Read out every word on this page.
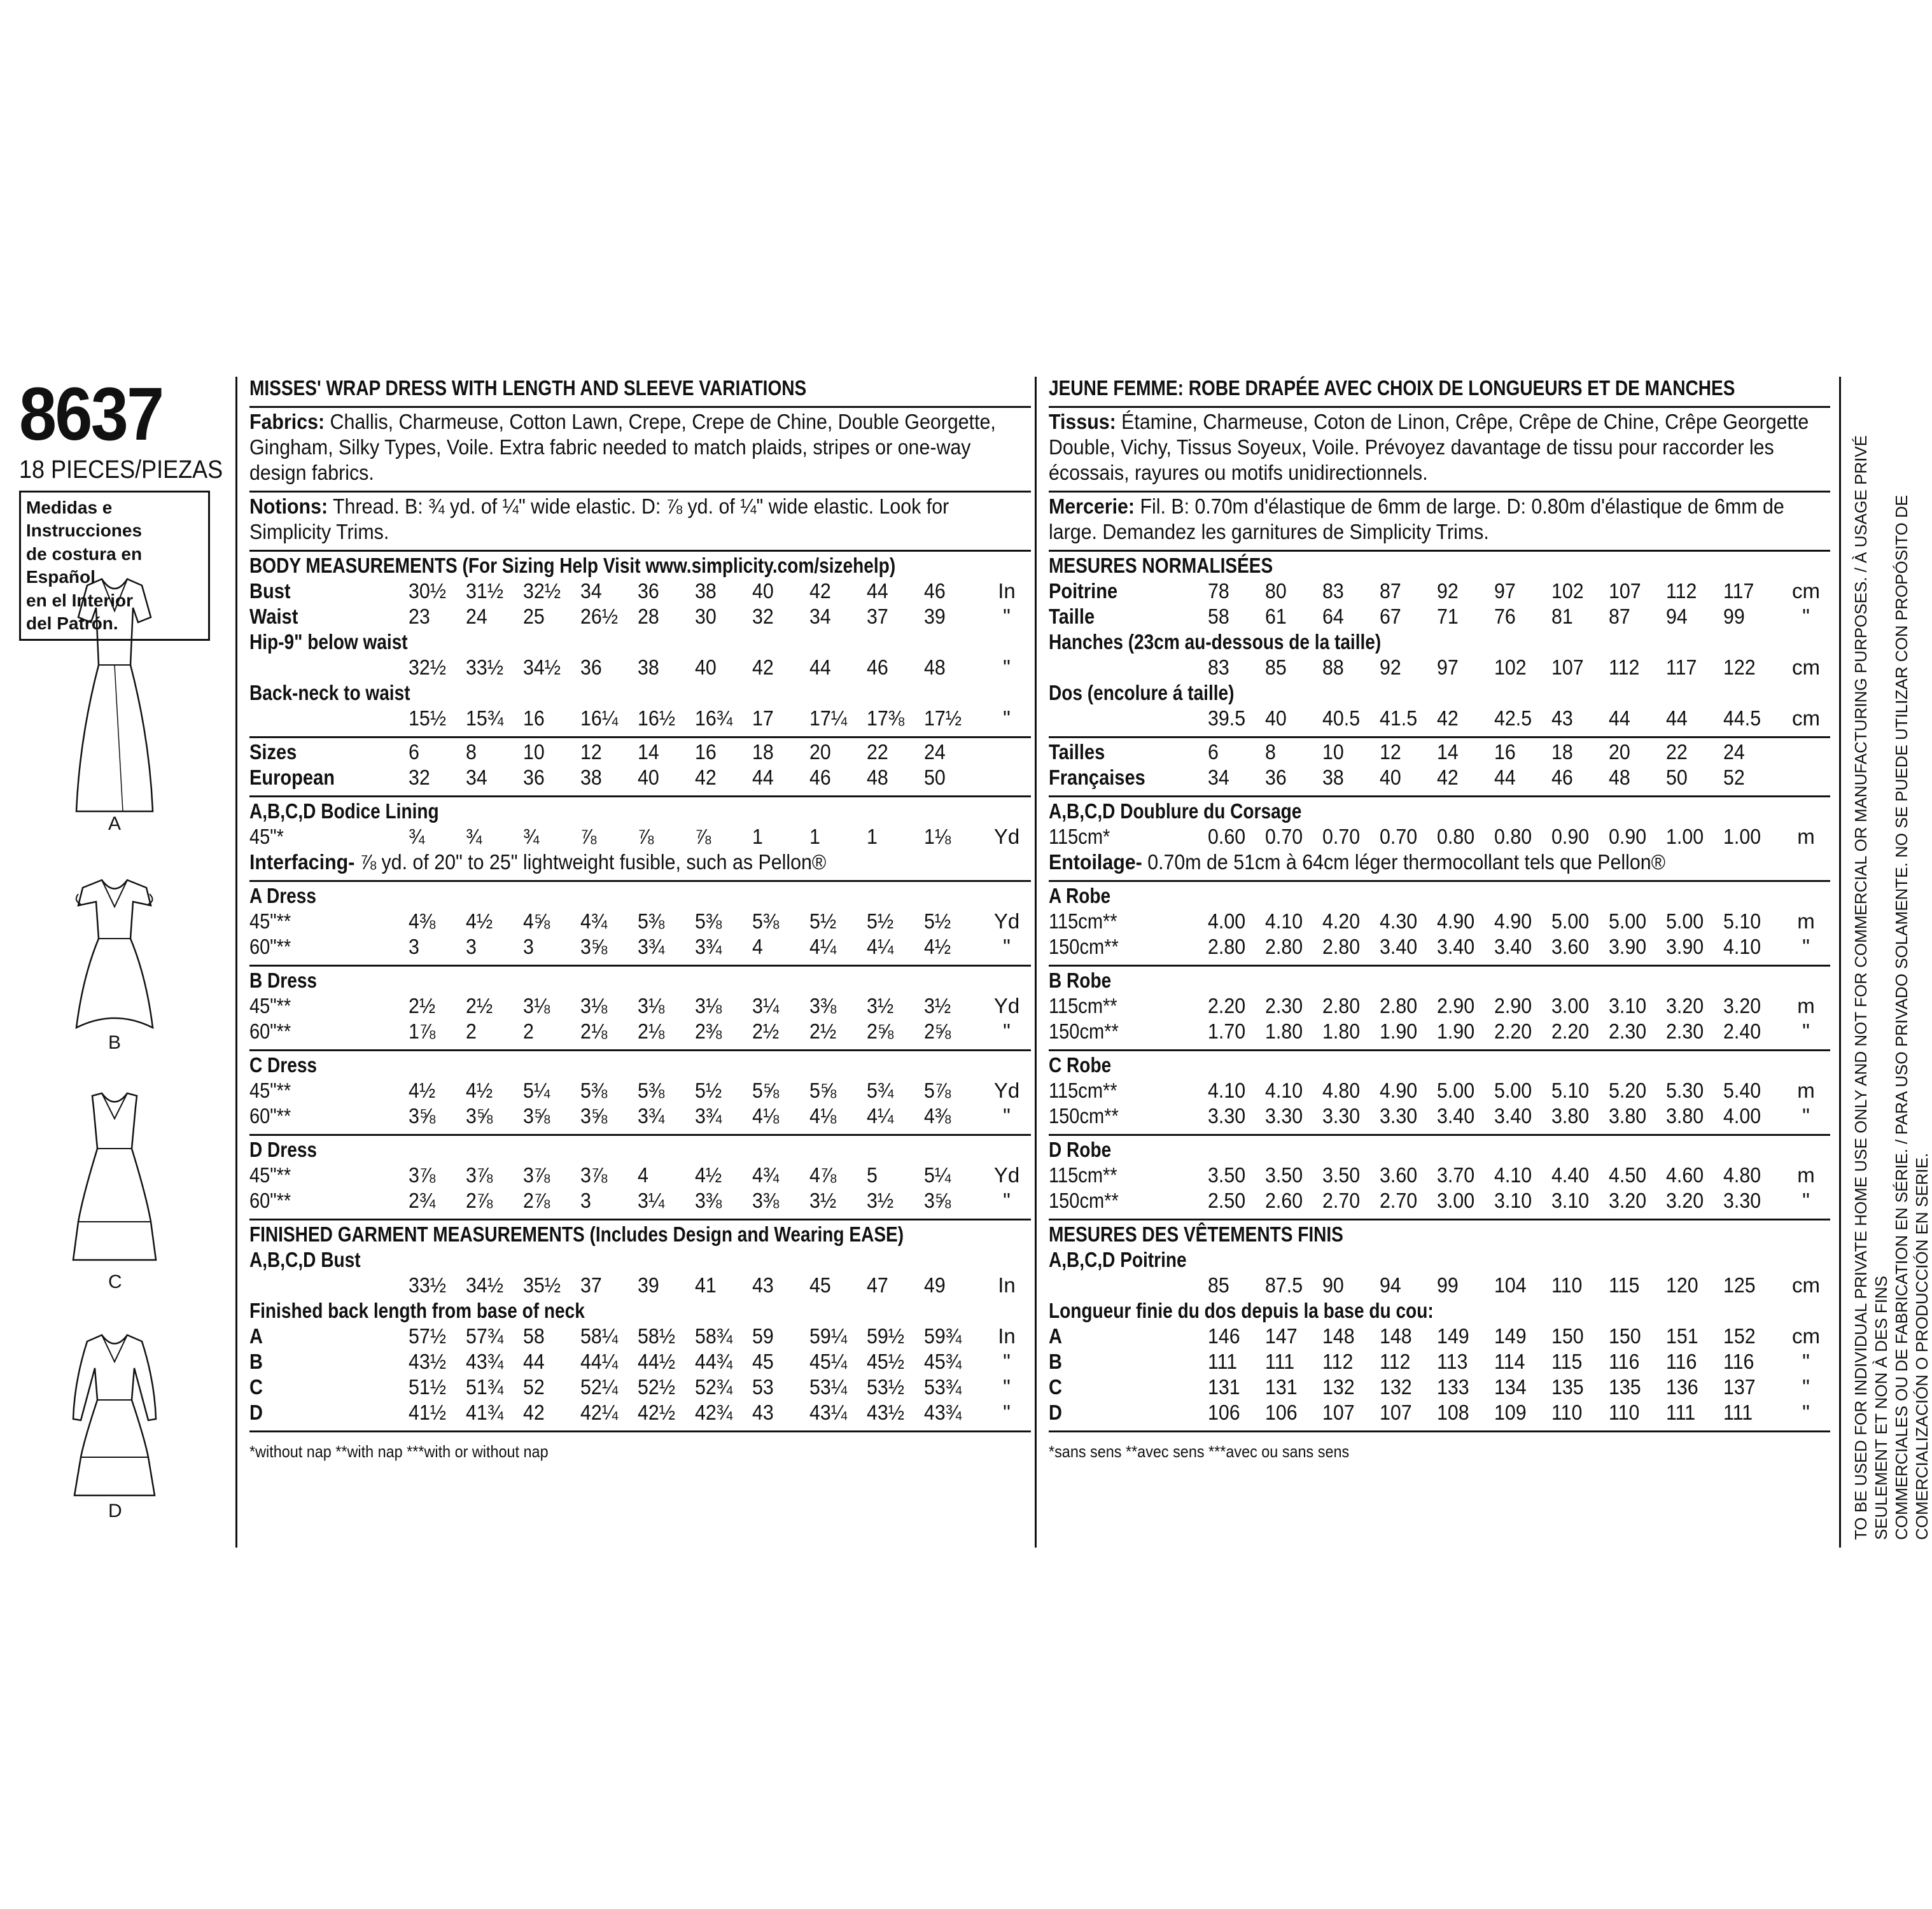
8637
18 PIECES/PIEZAS
Medidas e Instrucciones
de costura en Español
en el Interior
del Patrón.
A
B
C
D
MISSES' WRAP DRESS WITH LENGTH AND SLEEVE VARIATIONS
Fabrics: Challis, Charmeuse, Cotton Lawn, Crepe, Crepe de Chine, Double Georgette, Gingham, Silky Types, Voile. Extra fabric needed to match plaids, stripes or one-way design fabrics.
Notions: Thread. B: ¾ yd. of ¼" wide elastic. D: ⅞ yd. of ¼" wide elastic. Look for Simplicity Trims.
BODY MEASUREMENTS (For Sizing Help Visit www.simplicity.com/sizehelp)
Bust	30½ 31½ 32½ 34	36	38	40	42	44	46	In
Waist	23	24	25	26½ 28	30	32	34	37	39	"
Hip-9" below waist
32½ 33½ 34½ 36	38	40	42	44	46	48	"
Back-neck to waist
15½ 15¾ 16	16¼ 16½ 16¾ 17	17¼ 17⅜ 17½	"
Sizes	6	8	10	12	14	16	18	20	22	24
European	32	34	36	38	40	42	44	46	48	50
A,B,C,D Bodice Lining
45"*	¾	¾	¾	⅞	⅞	⅞	1	1	1	1⅛	Yd
Interfacing- ⅞ yd. of 20" to 25" lightweight fusible, such as Pellon®
A Dress
45"**	4⅜	4½	4⅝	4¾	5⅜	5⅜	5⅜	5½	5½	5½	Yd
60"**	3	3	3	3⅝	3¾	3¾	4	4¼	4¼	4½	"
B Dress
45"**	2½	2½	3⅛	3⅛	3⅛	3⅛	3¼	3⅜	3½	3½	Yd
60"**	1⅞	2	2	2⅛	2⅛	2⅜	2½	2½	2⅝	2⅝	"
C Dress
45"**	4½	4½	5¼	5⅜	5⅜	5½	5⅝	5⅝	5¾	5⅞	Yd
60"**	3⅝	3⅝	3⅝	3⅝	3¾	3¾	4⅛	4⅛	4¼	4⅜	"
D Dress
45"**	3⅞	3⅞	3⅞	3⅞	4	4½	4¾	4⅞	5	5¼	Yd
60"**	2¾	2⅞	2⅞	3	3¼	3⅜	3⅜	3½	3½	3⅝	"
FINISHED GARMENT MEASUREMENTS (Includes Design and Wearing EASE)
A,B,C,D Bust
33½ 34½ 35½ 37	39	41	43	45	47	49	In
Finished back length from base of neck
A	57½ 57¾ 58	58¼ 58½ 58¾ 59	59¼ 59½ 59¾	In
B	43½ 43¾ 44	44¼ 44½ 44¾ 45	45¼ 45½ 45¾	"
C	51½ 51¾ 52	52¼ 52½ 52¾ 53	53¼ 53½ 53¾	"
D	41½ 41¾ 42	42¼ 42½ 42¾ 43	43¼ 43½ 43¾	"
*without nap **with nap ***with or without nap
JEUNE FEMME: ROBE DRAPÉE AVEC CHOIX DE LONGUEURS ET DE MANCHES
Tissus: Étamine, Charmeuse, Coton de Linon, Crêpe, Crêpe de Chine, Crêpe Georgette Double, Vichy, Tissus Soyeux, Voile. Prévoyez davantage de tissu pour raccorder les écossais, rayures ou motifs unidirectionnels.
Mercerie: Fil. B: 0.70m d'élastique de 6mm de large. D: 0.80m d'élastique de 6mm de large. Demandez les garnitures de Simplicity Trims.
MESURES NORMALISÉES
Poitrine	78	80	83	87	92	97	102	107	112	117	cm
Taille	58	61	64	67	71	76	81	87	94	99	"
Hanches (23cm au-dessous de la taille)
83	85	88	92	97	102	107	112	117	122	cm
Dos (encolure á taille)
39.5 40	40.5 41.5 42	42.5 43	44	44	44.5	cm
Tailles	6	8	10	12	14	16	18	20	22	24
Françaises	34	36	38	40	42	44	46	48	50	52
A,B,C,D Doublure du Corsage
115cm*	0.60 0.70 0.70 0.70 0.80 0.80 0.90 0.90 1.00 1.00	m
Entoilage- 0.70m de 51cm à 64cm léger thermocollant tels que Pellon®
A Robe
115cm**	4.00 4.10 4.20 4.30 4.90 4.90 5.00 5.00 5.00 5.10	m
150cm**	2.80 2.80 2.80 3.40 3.40 3.40 3.60 3.90 3.90 4.10	"
B Robe
115cm**	2.20 2.30 2.80 2.80 2.90 2.90 3.00 3.10 3.20 3.20	m
150cm**	1.70 1.80 1.80 1.90 1.90 2.20 2.20 2.30 2.30 2.40	"
C Robe
115cm**	4.10 4.10 4.80 4.90 5.00 5.00 5.10 5.20 5.30 5.40	m
150cm**	3.30 3.30 3.30 3.30 3.40 3.40 3.80 3.80 3.80 4.00	"
D Robe
115cm**	3.50 3.50 3.50 3.60 3.70 4.10 4.40 4.50 4.60 4.80	m
150cm**	2.50 2.60 2.70 2.70 3.00 3.10 3.10 3.20 3.20 3.30	"
MESURES DES VÊTEMENTS FINIS
A,B,C,D Poitrine
85	87.5 90	94	99	104	110	115	120	125	cm
Longueur finie du dos depuis la base du cou:
A	146	147	148	148	149	149	150	150	151	152	cm
B	111	111	112	112	113	114	115	116	116	116	"
C	131	131	132	132	133	134	135	135	136	137	"
D	106	106	107	107	108	109	110	110	111	111	"
*sans sens **avec sens ***avec ou sans sens	TO BE USED FOR INDIVIDUAL PRIVATE HOME USE ONLY AND NOT FOR COMMERCIAL OR MANUFACTURING PURPOSES. / À USAGE PRIVÉ SEULEMENT ET NON À DES FINS COMMERCIALES OU DE FABRICATION EN SÉRIE. / PARA USO PRIVADO SOLAMENTE. NO SE PUEDE UTILIZAR CON PROPÓSITO DE COMERCIALIZACIÓN O PRODUCCIÓN EN SERIE.
